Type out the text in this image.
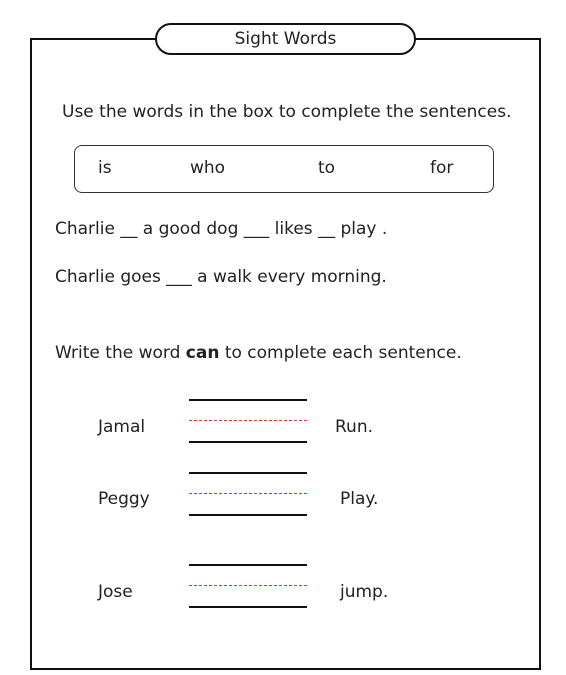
Sight Words
Use the words in the box to complete the sentences.
is	who	to	for
Charlie __ a good dog ___ likes __ play .
Charlie goes ___ a walk every morning.
Write the word can to complete each sentence.
Jamal	Run.
Peggy	Play.
Jose	jump.
